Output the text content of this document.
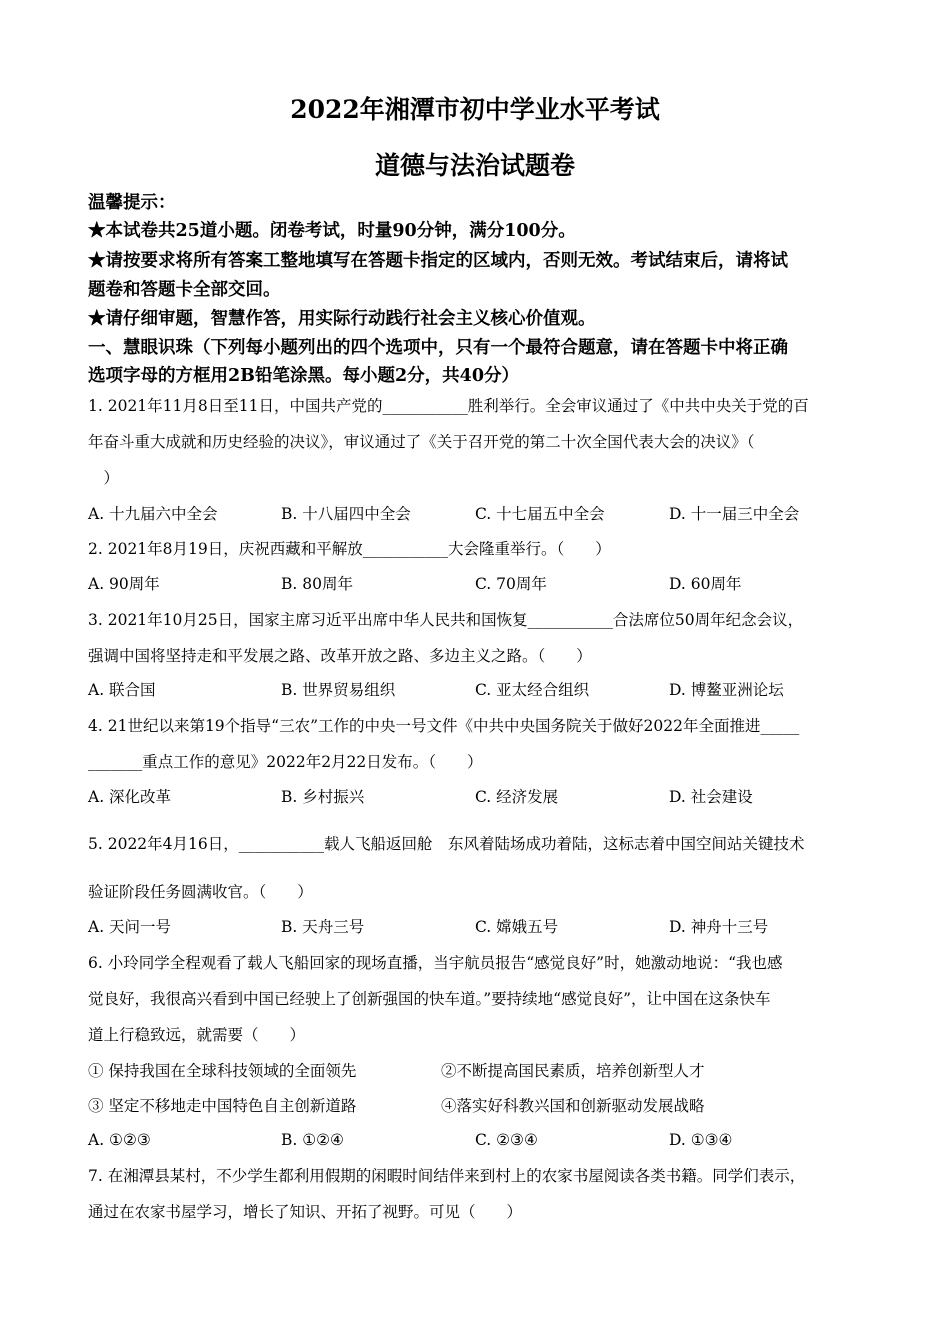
2022年湘潭市初中学业水平考试
道德与法治试题卷
温馨提示：
★本试卷共25道小题。闭卷考试，时量90分钟，满分100分。
★请按要求将所有答案工整地填写在答题卡指定的区域内，否则无效。考试结束后，请将试
题卷和答题卡全部交回。
★请仔细审题，智慧作答，用实际行动践行社会主义核心价值观。
一、慧眼识珠（下列每小题列出的四个选项中，只有一个最符合题意，请在答题卡中将正确
选项字母的方框用2B铅笔涂黑。每小题2分，共40分）
1. 2021年11月8日至11日，中国共产党的___________胜利举行。全会审议通过了《中共中央关于党的百
年奋斗重大成就和历史经验的决议》，审议通过了《关于召开党的第二十次全国代表大会的决议》（
　）
A. 十九届六中全会	B. 十八届四中全会	C. 十七届五中全会	D. 十一届三中全会
2. 2021年8月19日，庆祝西藏和平解放___________大会隆重举行。（　　）
A. 90周年	B. 80周年	C. 70周年	D. 60周年
3. 2021年10月25日，国家主席习近平出席中华人民共和国恢复___________合法席位50周年纪念会议，
强调中国将坚持走和平发展之路、改革开放之路、多边主义之路。（　　）
A. 联合国	B. 世界贸易组织	C. 亚太经合组织	D. 博鳌亚洲论坛
4. 21世纪以来第19个指导“三农”工作的中央一号文件《中共中央国务院关于做好2022年全面推进_____
_______重点工作的意见》2022年2月22日发布。（　　）
A. 深化改革	B. 乡村振兴	C. 经济发展	D. 社会建设
5. 2022年4月16日，___________载人飞船返回舱　东风着陆场成功着陆，这标志着中国空间站关键技术
验证阶段任务圆满收官。（　　）
A. 天问一号	B. 天舟三号	C. 嫦娥五号	D. 神舟十三号
6. 小玲同学全程观看了载人飞船回家的现场直播，当宇航员报告“感觉良好”时，她激动地说：“我也感
觉良好，我很高兴看到中国已经驶上了创新强国的快车道。”要持续地“感觉良好”，让中国在这条快车
道上行稳致远，就需要（　　）
① 保持我国在全球科技领域的全面领先	②不断提高国民素质，培养创新型人才
③ 坚定不移地走中国特色自主创新道路	④落实好科教兴国和创新驱动发展战略
A. ①②③	B. ①②④	C. ②③④	D. ①③④
7. 在湘潭县某村，不少学生都利用假期的闲暇时间结伴来到村上的农家书屋阅读各类书籍。同学们表示，
通过在农家书屋学习，增长了知识、开拓了视野。可见（　　）
